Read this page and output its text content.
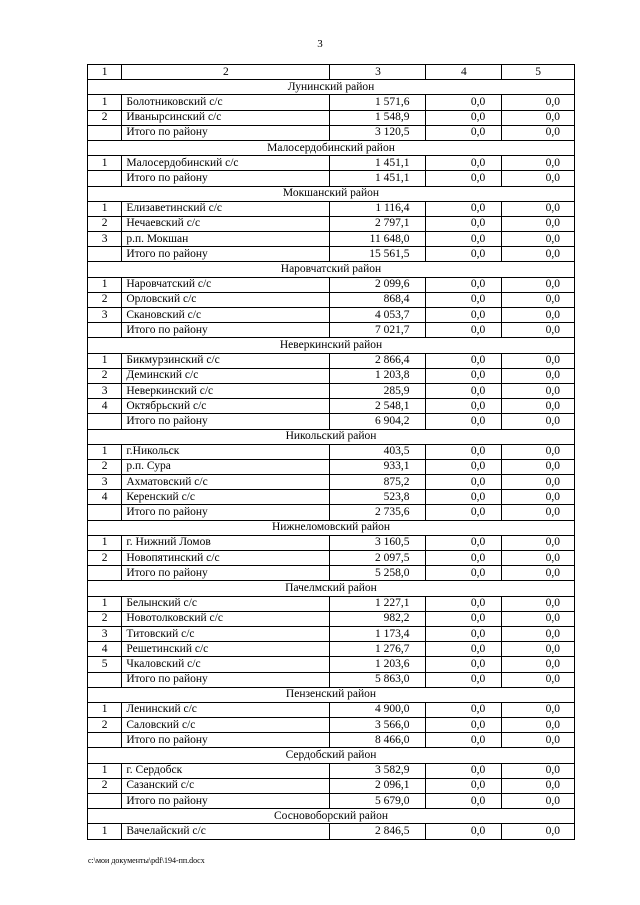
3
1	2	3	4	5
Лунинский район				
1	Болотниковский с/с	1 571,6	0,0	0,0
2	Иванырсинский с/с	1 548,9	0,0	0,0
	Итого по району	3 120,5	0,0	0,0
Малосердобинский район				
1	Малосердобинский с/с	1 451,1	0,0	0,0
	Итого по району	1 451,1	0,0	0,0
Мокшанский район				
1	Елизаветинский с/с	1 116,4	0,0	0,0
2	Нечаевский с/с	2 797,1	0,0	0,0
3	р.п. Мокшан	11 648,0	0,0	0,0
	Итого по району	15 561,5	0,0	0,0
Наровчатский район				
1	Наровчатский с/с	2 099,6	0,0	0,0
2	Орловский с/с	868,4	0,0	0,0
3	Скановский с/с	4 053,7	0,0	0,0
	Итого по району	7 021,7	0,0	0,0
Неверкинский район				
1	Бикмурзинский с/с	2 866,4	0,0	0,0
2	Деминский с/с	1 203,8	0,0	0,0
3	Неверкинский с/с	285,9	0,0	0,0
4	Октябрьский с/с	2 548,1	0,0	0,0
	Итого по району	6 904,2	0,0	0,0
Никольский район				
1	г.Никольск	403,5	0,0	0,0
2	р.п. Сура	933,1	0,0	0,0
3	Ахматовский с/с	875,2	0,0	0,0
4	Керенский с/с	523,8	0,0	0,0
	Итого по району	2 735,6	0,0	0,0
Нижнеломовский район				
1	г. Нижний Ломов	3 160,5	0,0	0,0
2	Новопятинский с/с	2 097,5	0,0	0,0
	Итого по району	5 258,0	0,0	0,0
Пачелмский район				
1	Белынский с/с	1 227,1	0,0	0,0
2	Новотолковский с/с	982,2	0,0	0,0
3	Титовский с/с	1 173,4	0,0	0,0
4	Решетинский с/с	1 276,7	0,0	0,0
5	Чкаловский с/с	1 203,6	0,0	0,0
	Итого по району	5 863,0	0,0	0,0
Пензенский район				
1	Ленинский с/с	4 900,0	0,0	0,0
2	Саловский с/с	3 566,0	0,0	0,0
	Итого по району	8 466,0	0,0	0,0
Сердобский район				
1	г. Сердобск	3 582,9	0,0	0,0
2	Сазанский с/с	2 096,1	0,0	0,0
	Итого по району	5 679,0	0,0	0,0
Сосновоборский район				
1	Вачелайский с/с	2 846,5	0,0	0,0
c:\мои документы\pdf\194-пп.docx
